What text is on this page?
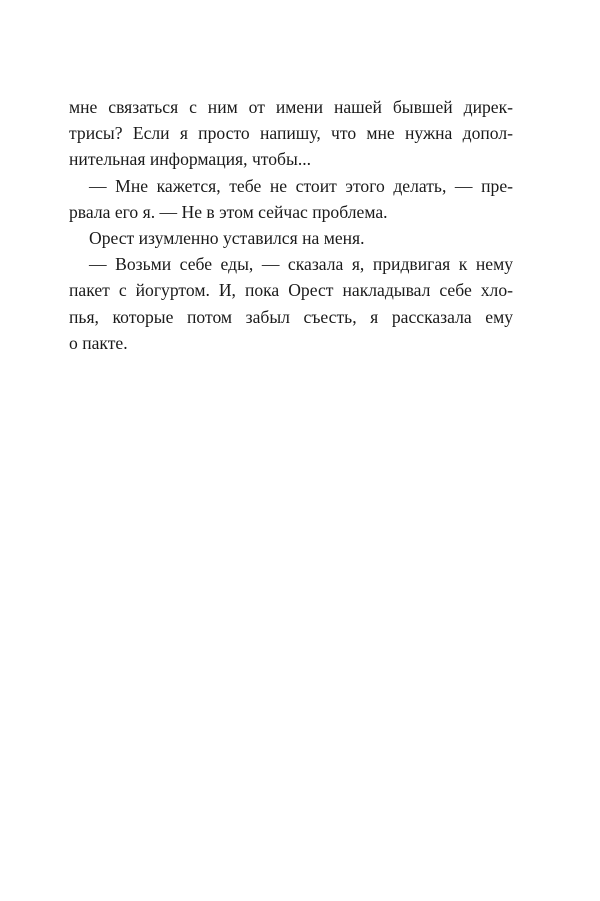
мне связаться с ним от имени нашей бывшей дирек-
трисы? Если я просто напишу, что мне нужна допол-
нительная информация, чтобы...
— Мне кажется, тебе не стоит этого делать, — пре-
рвала его я. — Не в этом сейчас проблема.
Орест изумленно уставился на меня.
— Возьми себе еды, — сказала я, придвигая к нему
пакет с йогуртом. И, пока Орест накладывал себе хло-
пья, которые потом забыл съесть, я рассказала ему
о пакте.
